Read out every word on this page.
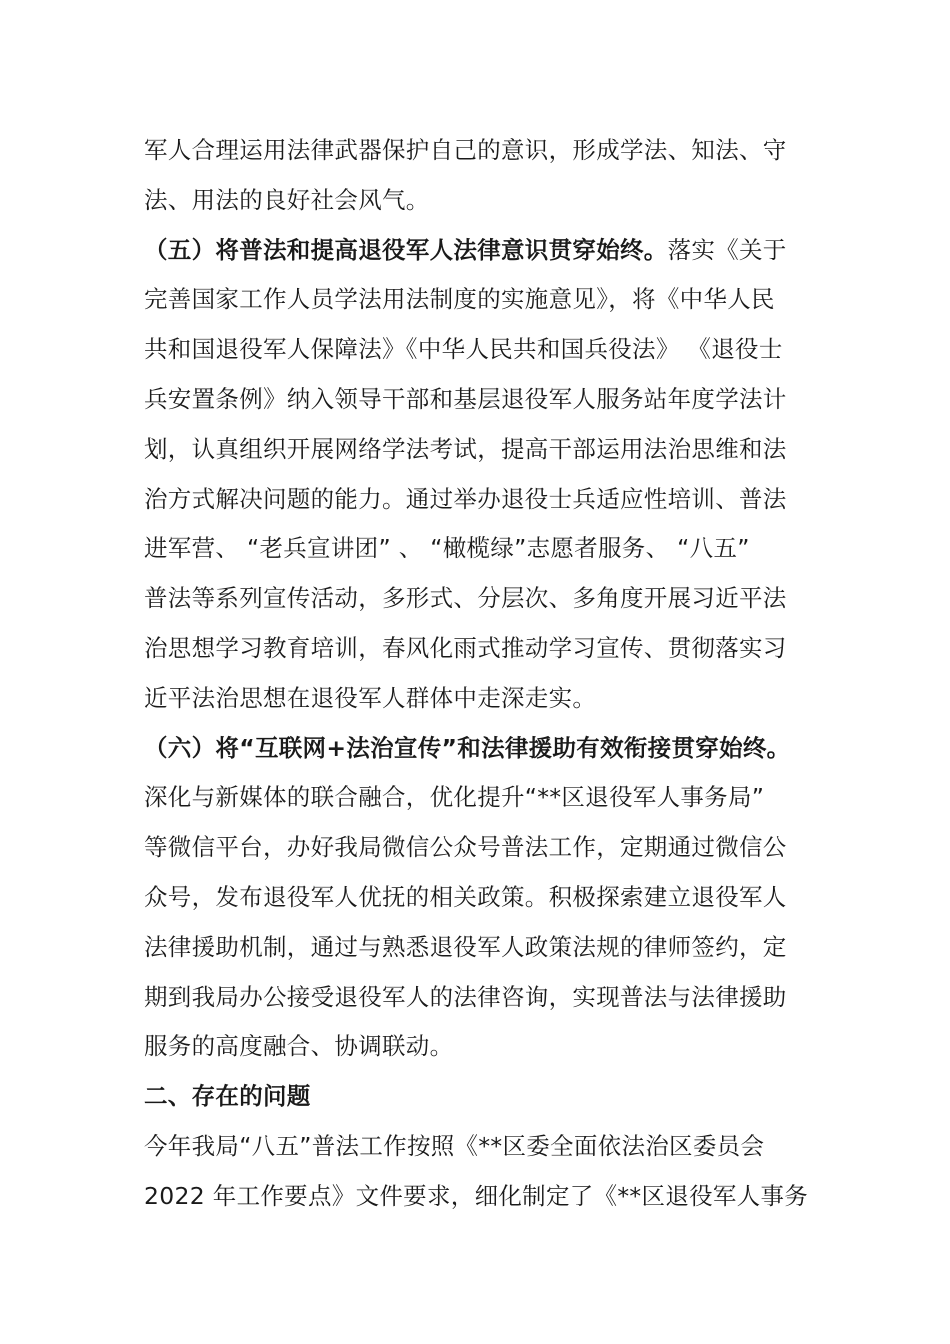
军人合理运用法律武器保护自己的意识，形成学法、知法、守
法、用法的良好社会风气。
（五）将普法和提高退役军人法律意识贯穿始终。落实《关于
完善国家工作人员学法用法制度的实施意见》，将《中华人民
共和国退役军人保障法》《中华人民共和国兵役法》 《退役士
兵安置条例》纳入领导干部和基层退役军人服务站年度学法计
划，认真组织开展网络学法考试，提高干部运用法治思维和法
治方式解决问题的能力。通过举办退役士兵适应性培训、普法
进军营、 “老兵宣讲团” 、 “橄榄绿”志愿者服务、 “八五”
普法等系列宣传活动，多形式、分层次、多角度开展习近平法
治思想学习教育培训，春风化雨式推动学习宣传、贯彻落实习
近平法治思想在退役军人群体中走深走实。
（六）将“互联网+法治宣传”和法律援助有效衔接贯穿始终。
深化与新媒体的联合融合，优化提升“**区退役军人事务局”
等微信平台，办好我局微信公众号普法工作，定期通过微信公
众号，发布退役军人优抚的相关政策。积极探索建立退役军人
法律援助机制，通过与熟悉退役军人政策法规的律师签约，定
期到我局办公接受退役军人的法律咨询，实现普法与法律援助
服务的高度融合、协调联动。
二、存在的问题
今年我局“八五”普法工作按照《**区委全面依法治区委员会
2022 年工作要点》文件要求，细化制定了《**区退役军人事务
